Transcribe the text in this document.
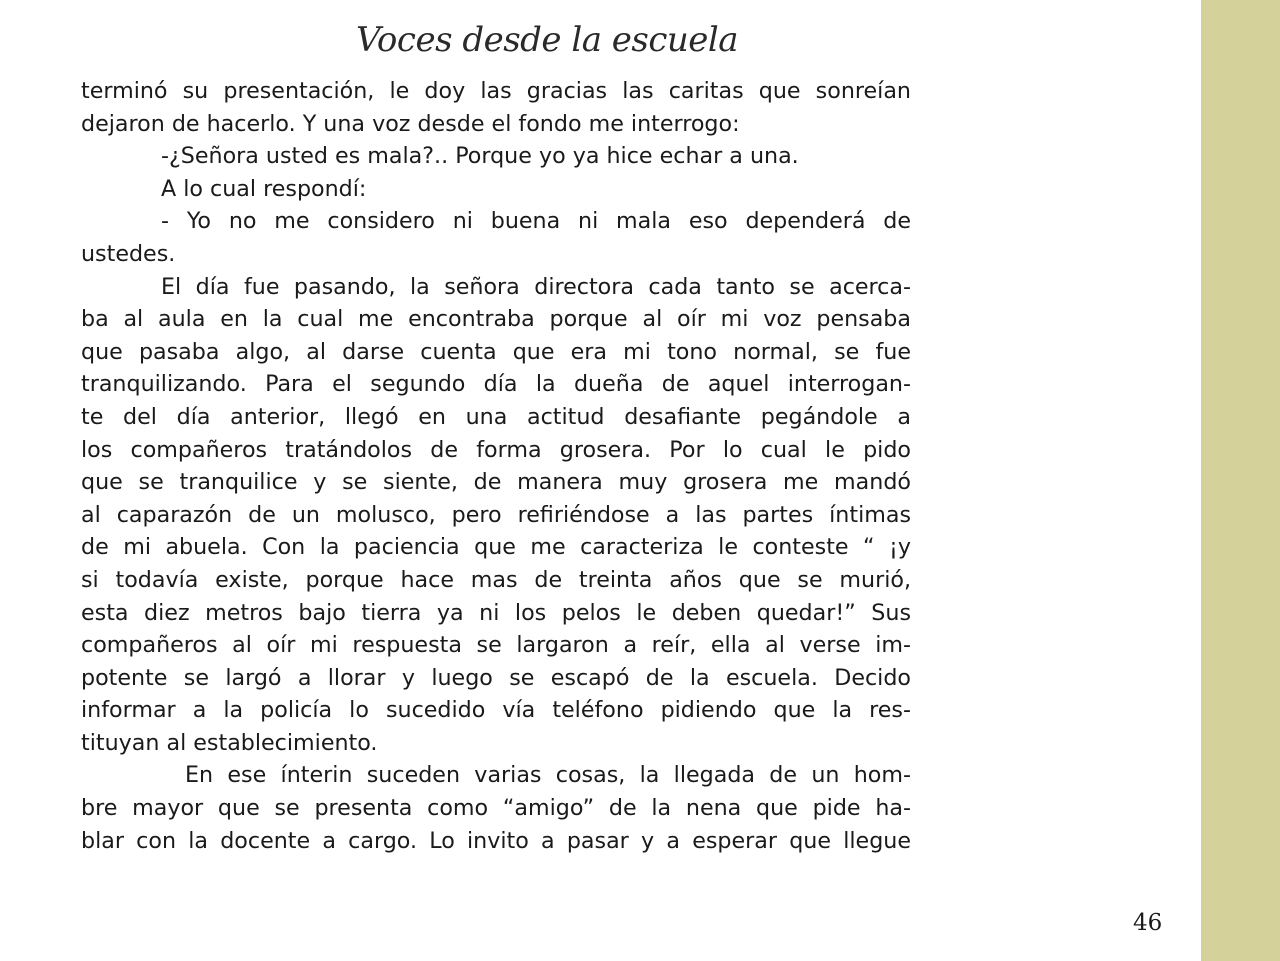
Voces desde la escuela
terminó su presentación, le doy las gracias las caritas que sonreían
dejaron de hacerlo. Y una voz desde el fondo me interrogo:
-¿Señora usted es mala?.. Porque yo ya hice echar a una.
A lo cual respondí:
- Yo no me considero ni buena ni mala eso dependerá de
ustedes.
El día fue pasando, la señora directora cada tanto se acerca-
ba al aula en la cual me encontraba porque al oír mi voz pensaba
que pasaba algo, al darse cuenta que era mi tono normal, se fue
tranquilizando. Para el segundo día la dueña de aquel interrogan-
te del día anterior, llegó en una actitud desafiante pegándole a
los compañeros tratándolos de forma grosera. Por lo cual le pido
que se tranquilice y se siente, de manera muy grosera me mandó
al caparazón de un molusco, pero refiriéndose a las partes íntimas
de mi abuela. Con la paciencia que me caracteriza le conteste “ ¡y
si todavía existe, porque hace mas de treinta años que se murió,
esta diez metros bajo tierra ya ni los pelos le deben quedar!” Sus
compañeros al oír mi respuesta se largaron a reír, ella al verse im-
potente se largó a llorar y luego se escapó de la escuela. Decido
informar a la policía lo sucedido vía teléfono pidiendo que la res-
tituyan al establecimiento.
En ese ínterin suceden varias cosas, la llegada de un hom-
bre mayor que se presenta como “amigo” de la nena que pide ha-
blar con la docente a cargo. Lo invito a pasar y a esperar que llegue
46
